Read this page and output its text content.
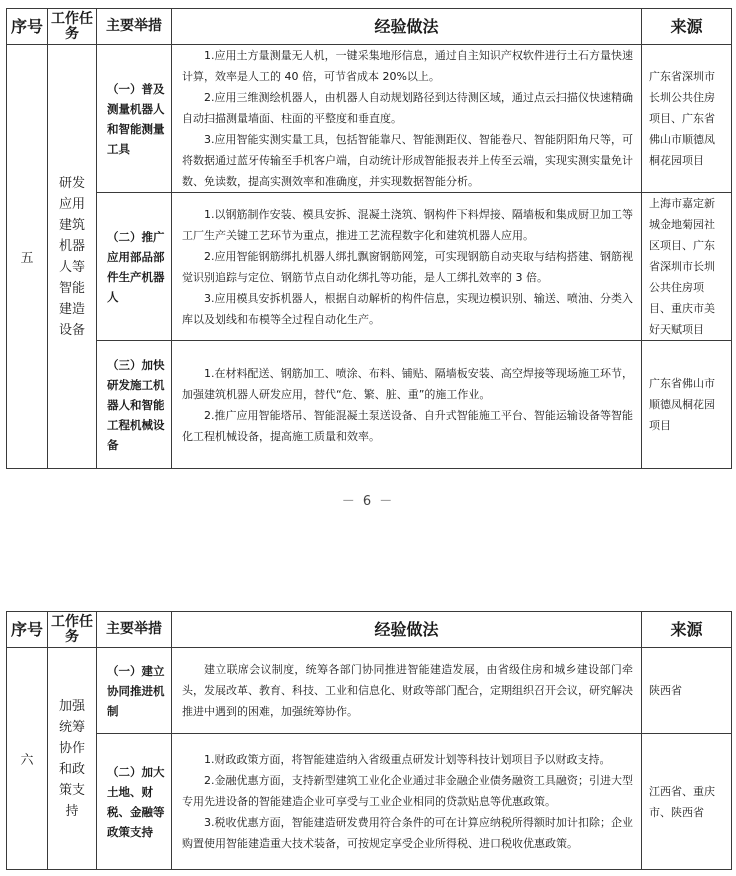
序号	工作任务	主要举措	经验做法	来源
五	研发应用建筑机器人等智能建造设备	（一）普及测量机器人和智能测量工具	1.应用土方量测量无人机，一键采集地形信息，通过自主知识产权软件进行土石方量快速计算，效率是人工的 40 倍，可节省成本 20%以上。

2.应用三维测绘机器人，由机器人自动规划路径到达待测区域，通过点云扫描仪快速精确自动扫描测量墙面、柱面的平整度和垂直度。

3.应用智能实测实量工具，包括智能靠尺、智能测距仪、智能卷尺、智能阴阳角尺等，可将数据通过蓝牙传输至手机客户端，自动统计形成智能报表并上传至云端，实现实测实量免计数、免读数，提高实测效率和准确度，并实现数据智能分析。	广东省深圳市长圳公共住房项目、广东省佛山市顺德凤桐花园项目
		（二）推广应用部品部件生产机器人	1.以钢筋制作安装、模具安拆、混凝土浇筑、钢构件下料焊接、隔墙板和集成厨卫加工等工厂生产关键工艺环节为重点，推进工艺流程数字化和建筑机器人应用。

2.应用智能钢筋绑扎机器人绑扎飘窗钢筋网笼，可实现钢筋自动夹取与结构搭建、钢筋视觉识别追踪与定位、钢筋节点自动化绑扎等功能，是人工绑扎效率的 3 倍。

3.应用模具安拆机器人，根据自动解析的构件信息，实现边模识别、输送、喷油、分类入库以及划线和布模等全过程自动化生产。	上海市嘉定新城金地菊园社区项目、广东省深圳市长圳公共住房项目、重庆市美好天赋项目
		（三）加快研发施工机器人和智能工程机械设备	1.在材料配送、钢筋加工、喷涂、布料、铺贴、隔墙板安装、高空焊接等现场施工环节，加强建筑机器人研发应用，替代“危、繁、脏、重”的施工作业。

2.推广应用智能塔吊、智能混凝土泵送设备、自升式智能施工平台、智能运输设备等智能化工程机械设备，提高施工质量和效率。	广东省佛山市顺德凤桐花园项目
－ 6 －
序号	工作任务	主要举措	经验做法	来源
六	加强统筹协作和政策支持	（一）建立协同推进机制	建立联席会议制度，统筹各部门协同推进智能建造发展，由省级住房和城乡建设部门牵头，发展改革、教育、科技、工业和信息化、财政等部门配合，定期组织召开会议，研究解决推进中遇到的困难，加强统筹协作。	陕西省
		（二）加大土地、财税、金融等政策支持	1.财政政策方面，将智能建造纳入省级重点研发计划等科技计划项目予以财政支持。

2.金融优惠方面，支持新型建筑工业化企业通过非金融企业债务融资工具融资；引进大型专用先进设备的智能建造企业可享受与工业企业相同的贷款贴息等优惠政策。

3.税收优惠方面，智能建造研发费用符合条件的可在计算应纳税所得额时加计扣除；企业购置使用智能建造重大技术装备，可按规定享受企业所得税、进口税收优惠政策。	江西省、重庆市、陕西省
